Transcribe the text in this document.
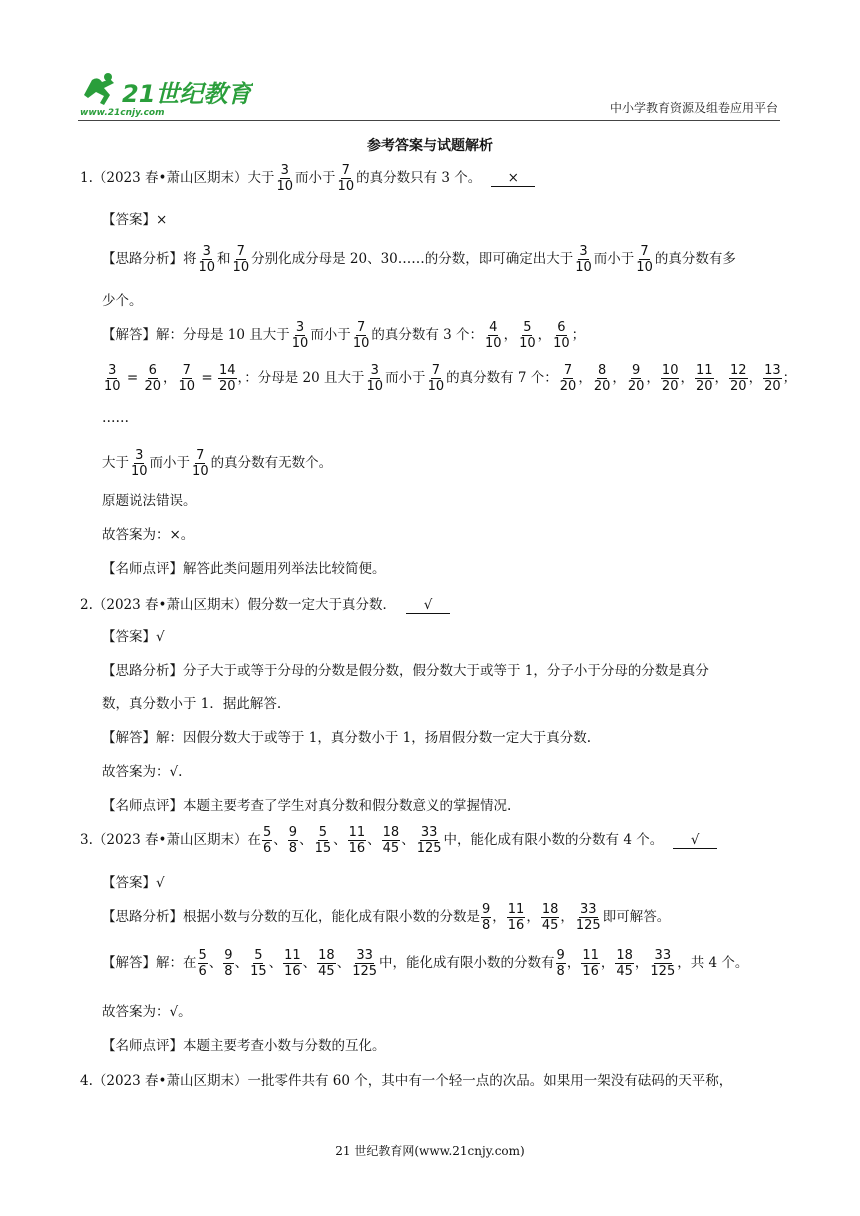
21世纪教育
www.21cnjy.com	中小学教育资源及组卷应用平台
参考答案与试题解析
1.（2023 春•萧山区期末）大于 $\frac{3}{10}$ 而小于 $\frac{7}{10}$ 的真分数只有 3 个。 ×
【答案】×
【思路分析】将 $\frac{3}{10}$ 和 $\frac{7}{10}$ 分别化成分母是 20、30……的分数，即可确定出大于 $\frac{3}{10}$ 而小于 $\frac{7}{10}$ 的真分数有多
少个。
【解答】解：分母是 10 且大于 $\frac{3}{10}$ 而小于 $\frac{7}{10}$ 的真分数有 3 个： $\frac{4}{10}$ ， $\frac{5}{10}$ ， $\frac{6}{10}$ ；
$\frac{3}{10} = \frac{6}{20}$ ， $\frac{7}{10} = \frac{14}{20}$ ，：分母是 20 且大于 $\frac{3}{10}$ 而小于 $\frac{7}{10}$ 的真分数有 7 个： $\frac{7}{20}$ ， $\frac{8}{20}$ ， $\frac{9}{20}$ ， $\frac{10}{20}$ ， $\frac{11}{20}$ ， $\frac{12}{20}$ ， $\frac{13}{20}$ ；
……
大于 $\frac{3}{10}$ 而小于 $\frac{7}{10}$ 的真分数有无数个。
原题说法错误。
故答案为：×。
【名师点评】解答此类问题用列举法比较简便。
2.（2023 春•萧山区期末）假分数一定大于真分数． √
【答案】√
【思路分析】分子大于或等于分母的分数是假分数，假分数大于或等于 1，分子小于分母的分数是真分
数，真分数小于 1．据此解答.
【解答】解：因假分数大于或等于 1，真分数小于 1，扬眉假分数一定大于真分数.
故答案为：√.
【名师点评】本题主要考查了学生对真分数和假分数意义的掌握情况.
3.（2023 春•萧山区期末）在 $\frac{5}{6}$ 、 $\frac{9}{8}$ 、 $\frac{5}{15}$ 、 $\frac{11}{16}$ 、 $\frac{18}{45}$ 、 $\frac{33}{125}$ 中，能化成有限小数的分数有 4 个。 √
【答案】√
【思路分析】根据小数与分数的互化，能化成有限小数的分数是 $\frac{9}{8}$ ， $\frac{11}{16}$ ， $\frac{18}{45}$ ， $\frac{33}{125}$ 即可解答。
【解答】解：在 $\frac{5}{6}$ 、 $\frac{9}{8}$ 、 $\frac{5}{15}$ 、 $\frac{11}{16}$ 、 $\frac{18}{45}$ 、 $\frac{33}{125}$ 中，能化成有限小数的分数有 $\frac{9}{8}$ ， $\frac{11}{16}$ ， $\frac{18}{45}$ ， $\frac{33}{125}$ ，共 4 个。
故答案为：√。
【名师点评】本题主要考查小数与分数的互化。
4.（2023 春•萧山区期末）一批零件共有 60 个，其中有一个轻一点的次品。如果用一架没有砝码的天平称，
21 世纪教育网(www.21cnjy.com)
